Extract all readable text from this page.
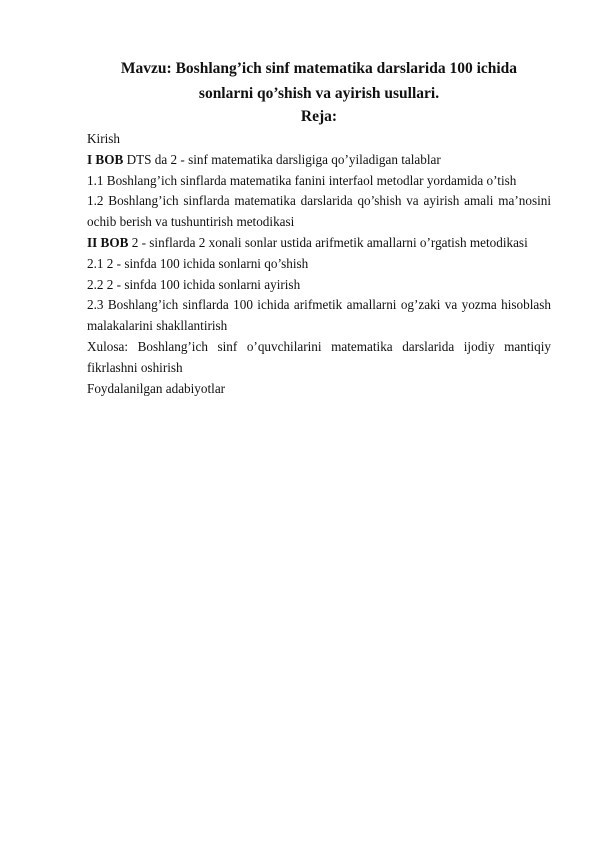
Mavzu: Boshlang’ich sinf matematika darslarida 100 ichida
sonlarni qo’shish va ayirish usullari.
Reja:
Kirish
I BOB DTS da 2 - sinf matematika darsligiga qo’yiladigan talablar
1.1 Boshlang’ich sinflarda matematika fanini interfaol metodlar yordamida o’tish
1.2 Boshlang’ich sinflarda matematika darslarida qo’shish va ayirish amali ma’nosini ochib berish va tushuntirish metodikasi
II BOB 2 - sinflarda 2 xonali sonlar ustida arifmetik amallarni o’rgatish metodikasi
2.1 2 - sinfda 100 ichida sonlarni qo’shish
2.2 2 - sinfda 100 ichida sonlarni ayirish
2.3 Boshlang’ich sinflarda 100 ichida arifmetik amallarni og’zaki va yozma hisoblash malakalarini shakllantirish
Xulosa: Boshlang’ich sinf o’quvchilarini matematika darslarida ijodiy mantiqiy fikrlashni oshirish
Foydalanilgan adabiyotlar
